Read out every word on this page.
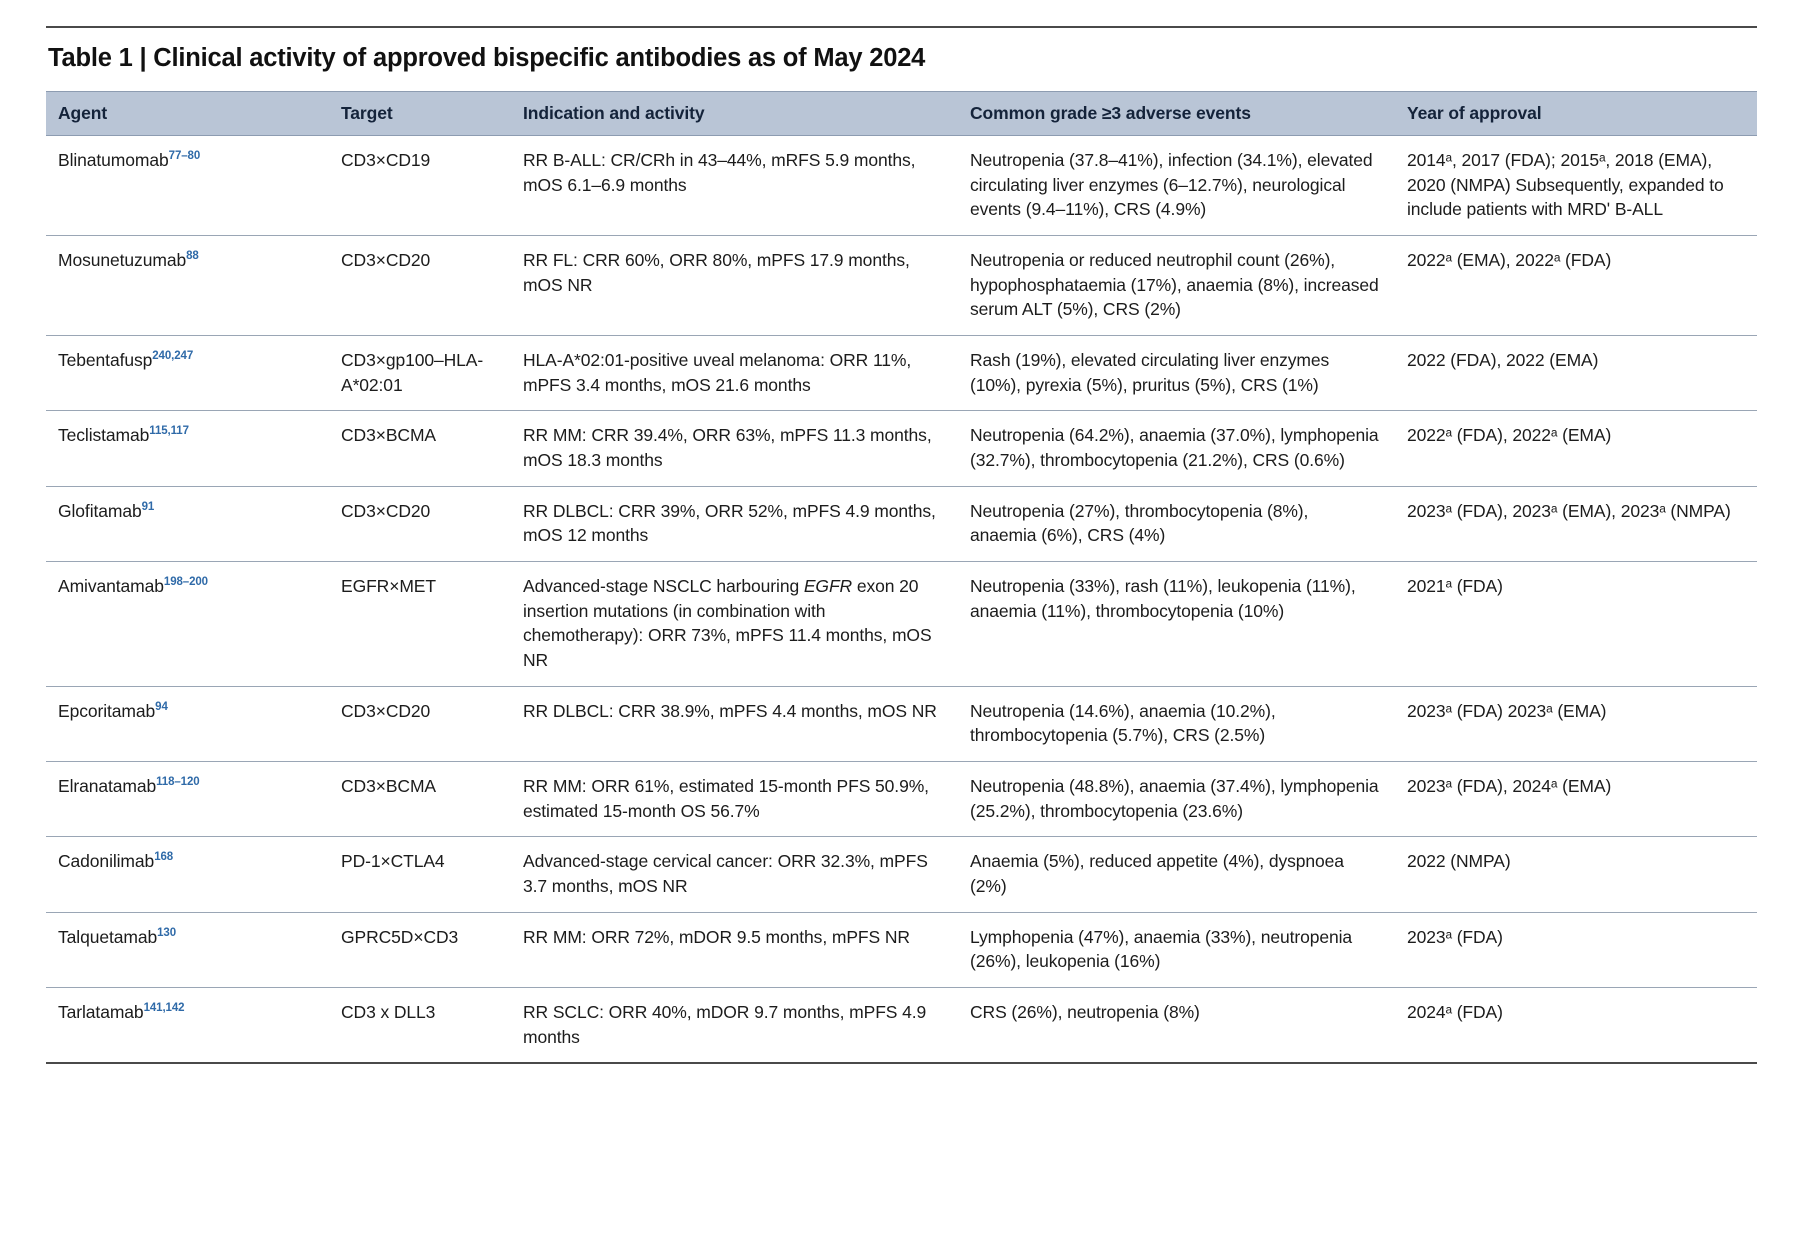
Table 1 | Clinical activity of approved bispecific antibodies as of May 2024
Agent	Target	Indication and activity	Common grade ≥3 adverse events	Year of approval
Blinatumomab$^{77-80}$	CD3×CD19	RR B-ALL: CR/CRh in 43–44%, mRFS 5.9 months, mOS 6.1–6.9 months	Neutropenia (37.8–41%), infection (34.1%), elevated circulating liver enzymes (6–12.7%), neurological events (9.4–11%), CRS (4.9%)	2014ᵃ, 2017 (FDA); 2015ᵃ, 2018 (EMA), 2020 (NMPA) Subsequently, expanded to include patients with MRDʹ B-ALL
Mosunetuzumab$^{88}$	CD3×CD20	RR FL: CRR 60%, ORR 80%, mPFS 17.9 months, mOS NR	Neutropenia or reduced neutrophil count (26%), hypophosphataemia (17%), anaemia (8%), increased serum ALT (5%), CRS (2%)	2022ᵃ (EMA), 2022ᵃ (FDA)
Tebentafusp$^{240,247}$	CD3×gp100–HLA-A*02:01	HLA-A*02:01-positive uveal melanoma: ORR 11%, mPFS 3.4 months, mOS 21.6 months	Rash (19%), elevated circulating liver enzymes (10%), pyrexia (5%), pruritus (5%), CRS (1%)	2022 (FDA), 2022 (EMA)
Teclistamab$^{115,117}$	CD3×BCMA	RR MM: CRR 39.4%, ORR 63%, mPFS 11.3 months, mOS 18.3 months	Neutropenia (64.2%), anaemia (37.0%), lymphopenia (32.7%), thrombocytopenia (21.2%), CRS (0.6%)	2022ᵃ (FDA), 2022ᵃ (EMA)
Glofitamab$^{91}$	CD3×CD20	RR DLBCL: CRR 39%, ORR 52%, mPFS 4.9 months, mOS 12 months	Neutropenia (27%), thrombocytopenia (8%), anaemia (6%), CRS (4%)	2023ᵃ (FDA), 2023ᵃ (EMA), 2023ᵃ (NMPA)
Amivantamab$^{198-200}$	EGFR×MET	Advanced-stage NSCLC harbouring EGFR exon 20 insertion mutations (in combination with chemotherapy): ORR 73%, mPFS 11.4 months, mOS NR	Neutropenia (33%), rash (11%), leukopenia (11%), anaemia (11%), thrombocytopenia (10%)	2021ᵃ (FDA)
Epcoritamab$^{94}$	CD3×CD20	RR DLBCL: CRR 38.9%, mPFS 4.4 months, mOS NR	Neutropenia (14.6%), anaemia (10.2%), thrombocytopenia (5.7%), CRS (2.5%)	2023ᵃ (FDA) 2023ᵃ (EMA)
Elranatamab$^{118-120}$	CD3×BCMA	RR MM: ORR 61%, estimated 15-month PFS 50.9%, estimated 15-month OS 56.7%	Neutropenia (48.8%), anaemia (37.4%), lymphopenia (25.2%), thrombocytopenia (23.6%)	2023ᵃ (FDA), 2024ᵃ (EMA)
Cadonilimab$^{168}$	PD-1×CTLA4	Advanced-stage cervical cancer: ORR 32.3%, mPFS 3.7 months, mOS NR	Anaemia (5%), reduced appetite (4%), dyspnoea (2%)	2022 (NMPA)
Talquetamab$^{130}$	GPRC5D×CD3	RR MM: ORR 72%, mDOR 9.5 months, mPFS NR	Lymphopenia (47%), anaemia (33%), neutropenia (26%), leukopenia (16%)	2023ᵃ (FDA)
Tarlatamab$^{141,142}$	CD3 x DLL3	RR SCLC: ORR 40%, mDOR 9.7 months, mPFS 4.9 months	CRS (26%), neutropenia (8%)	2024ᵃ (FDA)
